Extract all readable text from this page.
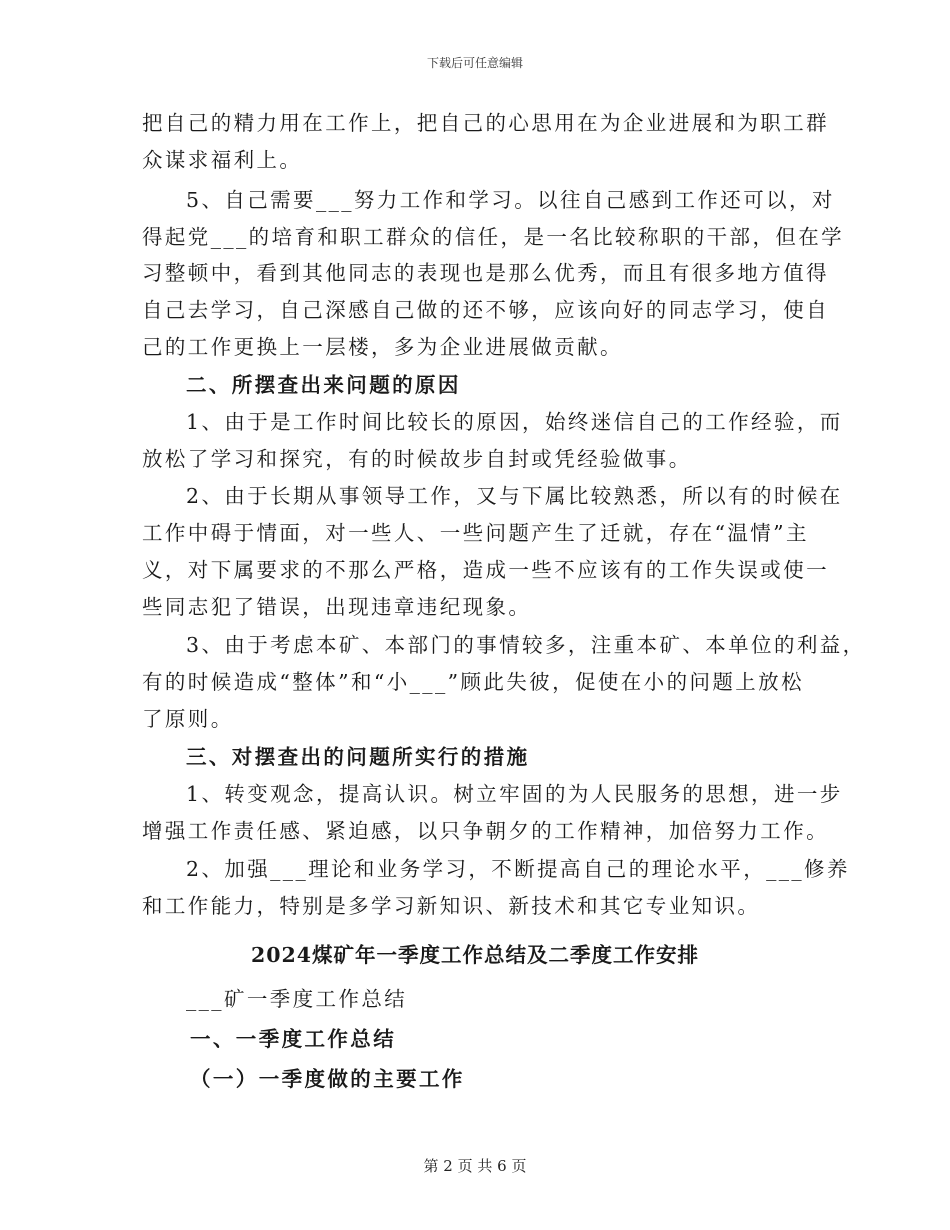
下载后可任意编辑
把自己的精力用在工作上，把自己的心思用在为企业进展和为职工群
众谋求福利上。
5、自己需要___努力工作和学习。以往自己感到工作还可以，对
得起党___的培育和职工群众的信任，是一名比较称职的干部，但在学
习整顿中，看到其他同志的表现也是那么优秀，而且有很多地方值得
自己去学习，自己深感自己做的还不够，应该向好的同志学习，使自
己的工作更换上一层楼，多为企业进展做贡献。
二、所摆查出来问题的原因
1、由于是工作时间比较长的原因，始终迷信自己的工作经验，而
放松了学习和探究，有的时候故步自封或凭经验做事。
2、由于长期从事领导工作，又与下属比较熟悉，所以有的时候在
工作中碍于情面，对一些人、一些问题产生了迁就，存在“温情”主
义，对下属要求的不那么严格，造成一些不应该有的工作失误或使一
些同志犯了错误，出现违章违纪现象。
3、由于考虑本矿、本部门的事情较多，注重本矿、本单位的利益，
有的时候造成“整体”和“小___”顾此失彼，促使在小的问题上放松
了原则。
三、对摆查出的问题所实行的措施
1、转变观念，提高认识。树立牢固的为人民服务的思想，进一步
增强工作责任感、紧迫感，以只争朝夕的工作精神，加倍努力工作。
2、加强___理论和业务学习，不断提高自己的理论水平，___修养
和工作能力，特别是多学习新知识、新技术和其它专业知识。
2024煤矿年一季度工作总结及二季度工作安排
___矿一季度工作总结
一、一季度工作总结
（一）一季度做的主要工作
第 2 页 共 6 页
